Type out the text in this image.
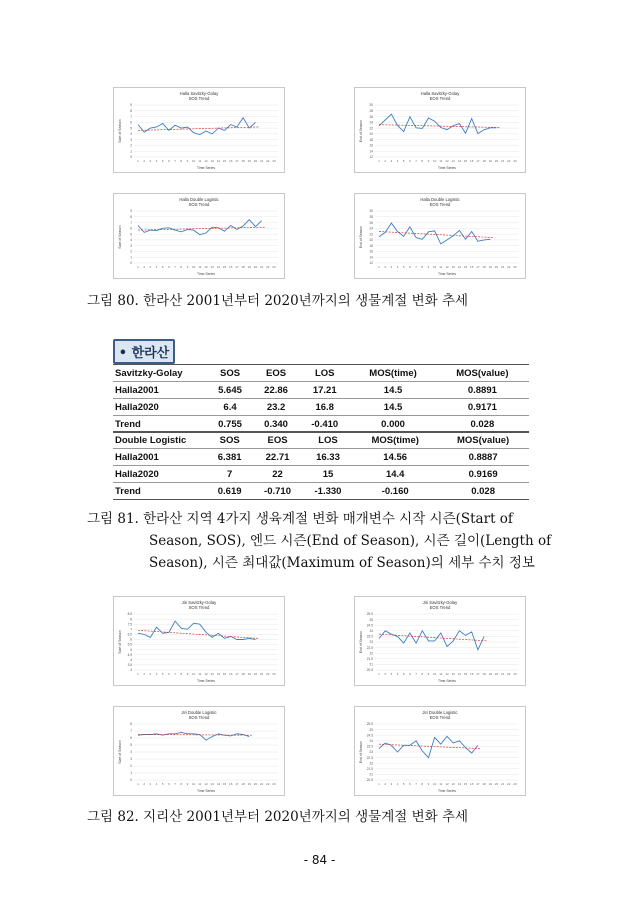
Halla Savitzky-Golay
SOS Trend
9
8
7
6
5
4
3
2
1
0
Start of Season
1 2 3 4 5 6 7 8 9 10 11 12 13 14 15 16 17 18 19 20 21 22 23
Time Series
Halla Savitzky-Golay
EOS Trend
30
28
26
24
22
20
18
16
14
12
End of Season
1 2 3 4 5 6 7 8 9 10 11 12 13 14 15 16 17 18 19 20 21 22 23
Time Series
Halla Double Logistic
SOS Trend
9
8
7
6
5
4
3
2
1
0
Start of Season
1 2 3 4 5 6 7 8 9 10 11 12 13 14 15 16 17 18 19 20 21 22 23
Time Series
Halla Double Logistic
EOS Trend
30
28
26
24
22
20
18
16
14
12
End of Season
1 2 3 4 5 6 7 8 9 10 11 12 13 14 15 16 17 18 19 20 21 22 23
Time Series
그림 80. 한라산 2001년부터 2020년까지의 생물계절 변화 추세
• 한라산
Savitzky-Golay	SOS	EOS	LOS	MOS(time)	MOS(value)
Halla2001	5.645	22.86	17.21	14.5	0.8891
Halla2020	6.4	23.2	16.8	14.5	0.9171
Trend	0.755	0.340	-0.410	0.000	0.028
Double Logistic	SOS	EOS	LOS	MOS(time)	MOS(value)
Halla2001	6.381	22.71	16.33	14.56	0.8887
Halla2020	7	22	15	14.4	0.9169
Trend	0.619	-0.710	-1.330	-0.160	0.028
그림 81. 한라산 지역 4가지 생육계절 변화 매개변수 시작 시즌(Start of
Season, SOS), 엔드 시즌(End of Season), 시즌 길이(Length of
Season), 시즌 최대값(Maximum of Season)의 세부 수치 정보
Jiri Savitzky-Golay
SOS Trend
8.5
8
7.5
7
6.5
6
5.5
5
4.5
4
3.5
3
Start of Season
1 2 3 4 5 6 7 8 9 10 11 12 13 14 15 16 17 18 19 20 21 22 23
Time Series
Jiri Savitzky-Golay
EOS Trend
25.5
25
24.5
24
23.5
23
22.5
22
21.5
21
20.5
End of Season
1 2 3 4 5 6 7 8 9 10 11 12 13 14 15 16 17 18 19 20 21 22 23
Time Series
Jiri Double Logistic
SOS Trend
8
7
6
5
4
3
2
1
0
Start of Season
1 2 3 4 5 6 7 8 9 10 11 12 13 14 15 16 17 18 19 20 21 22 23
Time Series
Jiri Double Logistic
EOS Trend
25.5
25
24.5
24
23.5
23
22.5
22
21.5
21
20.5
End of Season
1 2 3 4 5 6 7 8 9 10 11 12 13 14 15 16 17 18 19 20 21 22 23
Time Series
그림 82. 지리산 2001년부터 2020년까지의 생물계절 변화 추세
- 84 -
